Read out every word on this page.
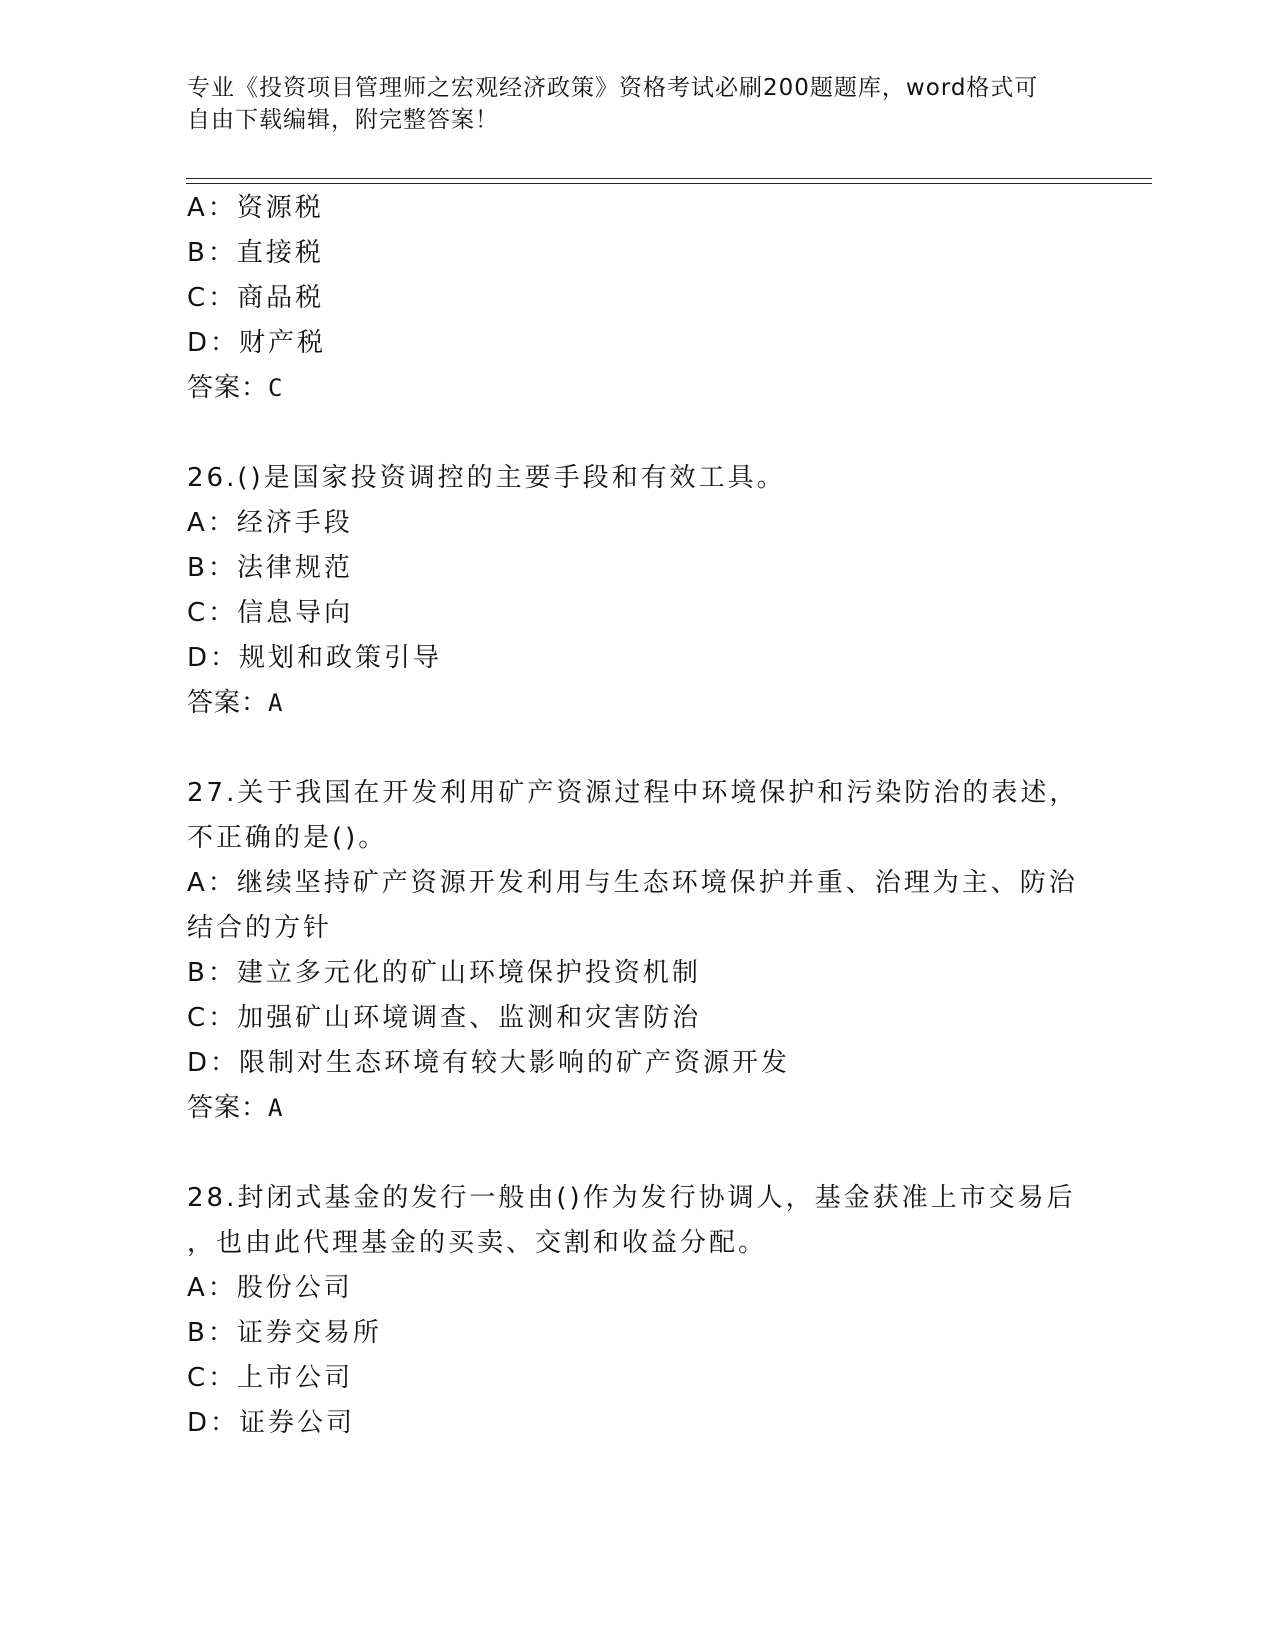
专业《投资项目管理师之宏观经济政策》资格考试必刷200题题库，word格式可
自由下载编辑，附完整答案！
A：资源税
B：直接税
C：商品税
D：财产税
答案：C
26.()是国家投资调控的主要手段和有效工具。
A：经济手段
B：法律规范
C：信息导向
D：规划和政策引导
答案：A
27.关于我国在开发利用矿产资源过程中环境保护和污染防治的表述，
不正确的是()。
A：继续坚持矿产资源开发利用与生态环境保护并重、治理为主、防治
结合的方针
B：建立多元化的矿山环境保护投资机制
C：加强矿山环境调查、监测和灾害防治
D：限制对生态环境有较大影响的矿产资源开发
答案：A
28.封闭式基金的发行一般由()作为发行协调人，基金获准上市交易后
，也由此代理基金的买卖、交割和收益分配。
A：股份公司
B：证券交易所
C：上市公司
D：证券公司
